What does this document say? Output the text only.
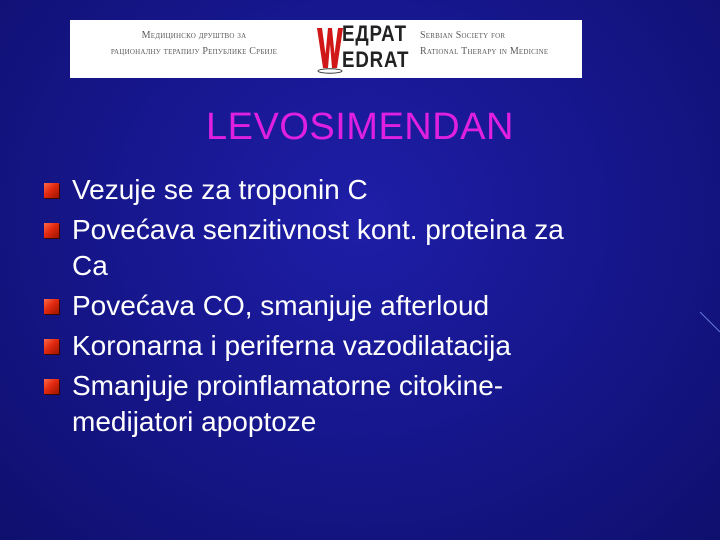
Медицинско друштво за
рационалну терапију Републике Србије
ЕДРАТ
EDRAT
Serbian Society for
Rational Therapy in Medicine
LEVOSIMENDAN
Vezuje se za troponin C
Povećava senzitivnost kont. proteina za
Ca
Povećava CO, smanjuje afterloud
Koronarna i periferna vazodilatacija
Smanjuje proinflamatorne citokine-
medijatori apoptoze
